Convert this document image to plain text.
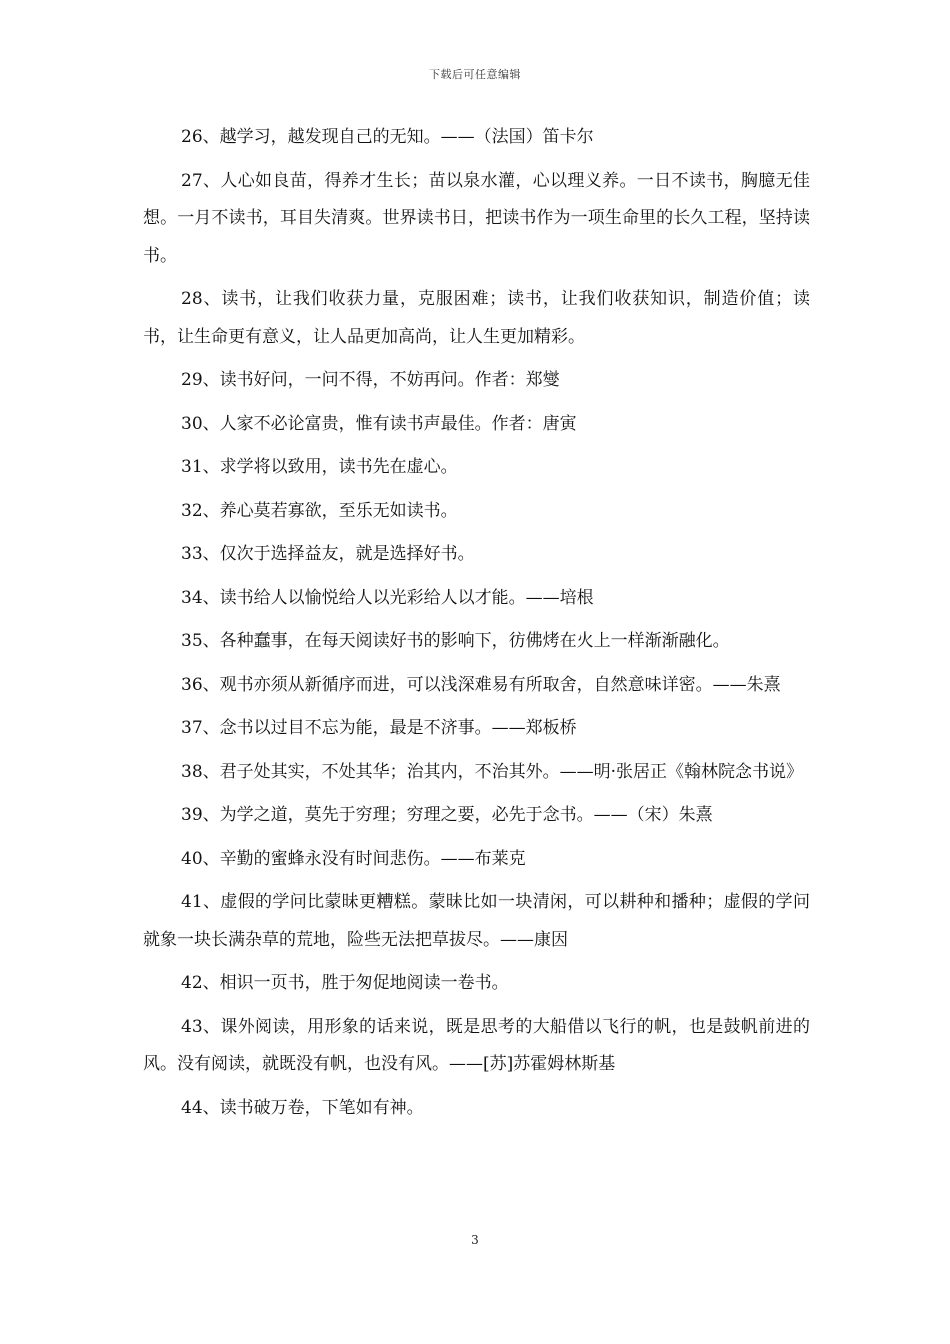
下载后可任意编辑

26、越学习，越发现自己的无知。——（法国）笛卡尔

27、人心如良苗，得养才生长；苗以泉水灌，心以理义养。一日不读书，胸臆无佳想。一月不读书，耳目失清爽。世界读书日，把读书作为一项生命里的长久工程，坚持读书。

28、读书，让我们收获力量，克服困难；读书，让我们收获知识，制造价值；读书，让生命更有意义，让人品更加高尚，让人生更加精彩。

29、读书好问，一问不得，不妨再问。作者：郑燮

30、人家不必论富贵，惟有读书声最佳。作者：唐寅

31、求学将以致用，读书先在虚心。

32、养心莫若寡欲，至乐无如读书。

33、仅次于选择益友，就是选择好书。

34、读书给人以愉悦给人以光彩给人以才能。——培根

35、各种蠢事，在每天阅读好书的影响下，彷佛烤在火上一样渐渐融化。

36、观书亦须从新循序而进，可以浅深难易有所取舍，自然意味详密。——朱熹

37、念书以过目不忘为能，最是不济事。——郑板桥

38、君子处其实，不处其华；治其内，不治其外。——明·张居正《翰林院念书说》

39、为学之道，莫先于穷理；穷理之要，必先于念书。——（宋）朱熹

40、辛勤的蜜蜂永没有时间悲伤。——布莱克

41、虚假的学问比蒙昧更糟糕。蒙昧比如一块清闲，可以耕种和播种；虚假的学问就象一块长满杂草的荒地，险些无法把草拔尽。——康因

42、相识一页书，胜于匆促地阅读一卷书。

43、课外阅读，用形象的话来说，既是思考的大船借以飞行的帆，也是鼓帆前进的风。没有阅读，就既没有帆，也没有风。——[苏]苏霍姆林斯基

44、读书破万卷，下笔如有神。

3
